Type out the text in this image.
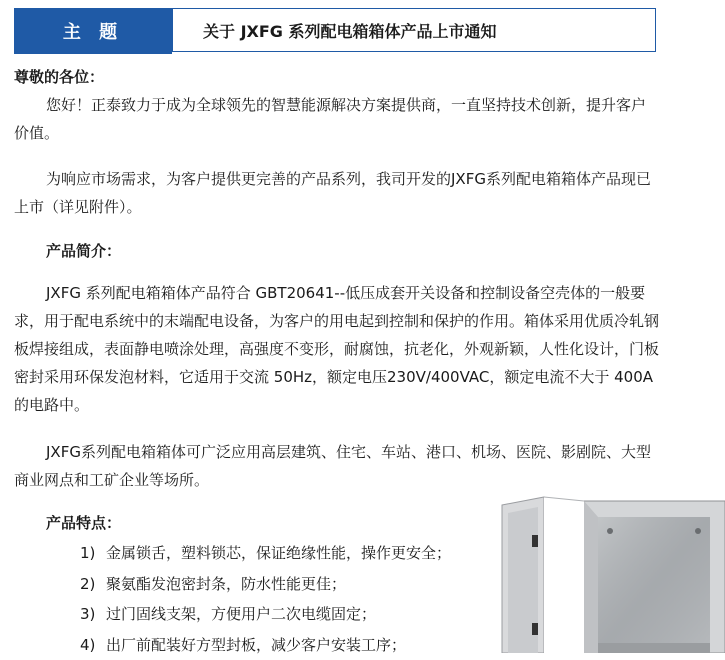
主 题	关于 JXFG 系列配电箱箱体产品上市通知
尊敬的各位：

您好！正泰致力于成为全球领先的智慧能源解决方案提供商，一直坚持技术创新，提升客户价值。

为响应市场需求，为客户提供更完善的产品系列，我司开发的JXFG系列配电箱箱体产品现已上市（详见附件）。

产品简介：

JXFG 系列配电箱箱体产品符合 GBT20641--低压成套开关设备和控制设备空壳体的一般要求，用于配电系统中的末端配电设备，为客户的用电起到控制和保护的作用。箱体采用优质冷轧钢板焊接组成，表面静电喷涂处理，高强度不变形，耐腐蚀，抗老化，外观新颖，人性化设计，门板密封采用环保发泡材料，它适用于交流 50Hz，额定电压230V/400VAC，额定电流不大于 400A 的电路中。

JXFG系列配电箱箱体可广泛应用高层建筑、住宅、车站、港口、机场、医院、影剧院、大型商业网点和工矿企业等场所。

产品特点：
1) 金属锁舌，塑料锁芯，保证绝缘性能，操作更安全；
2) 聚氨酯发泡密封条，防水性能更佳；
3) 过门固线支架，方便用户二次电缆固定；
4) 出厂前配装好方型封板，减少客户安装工序；
